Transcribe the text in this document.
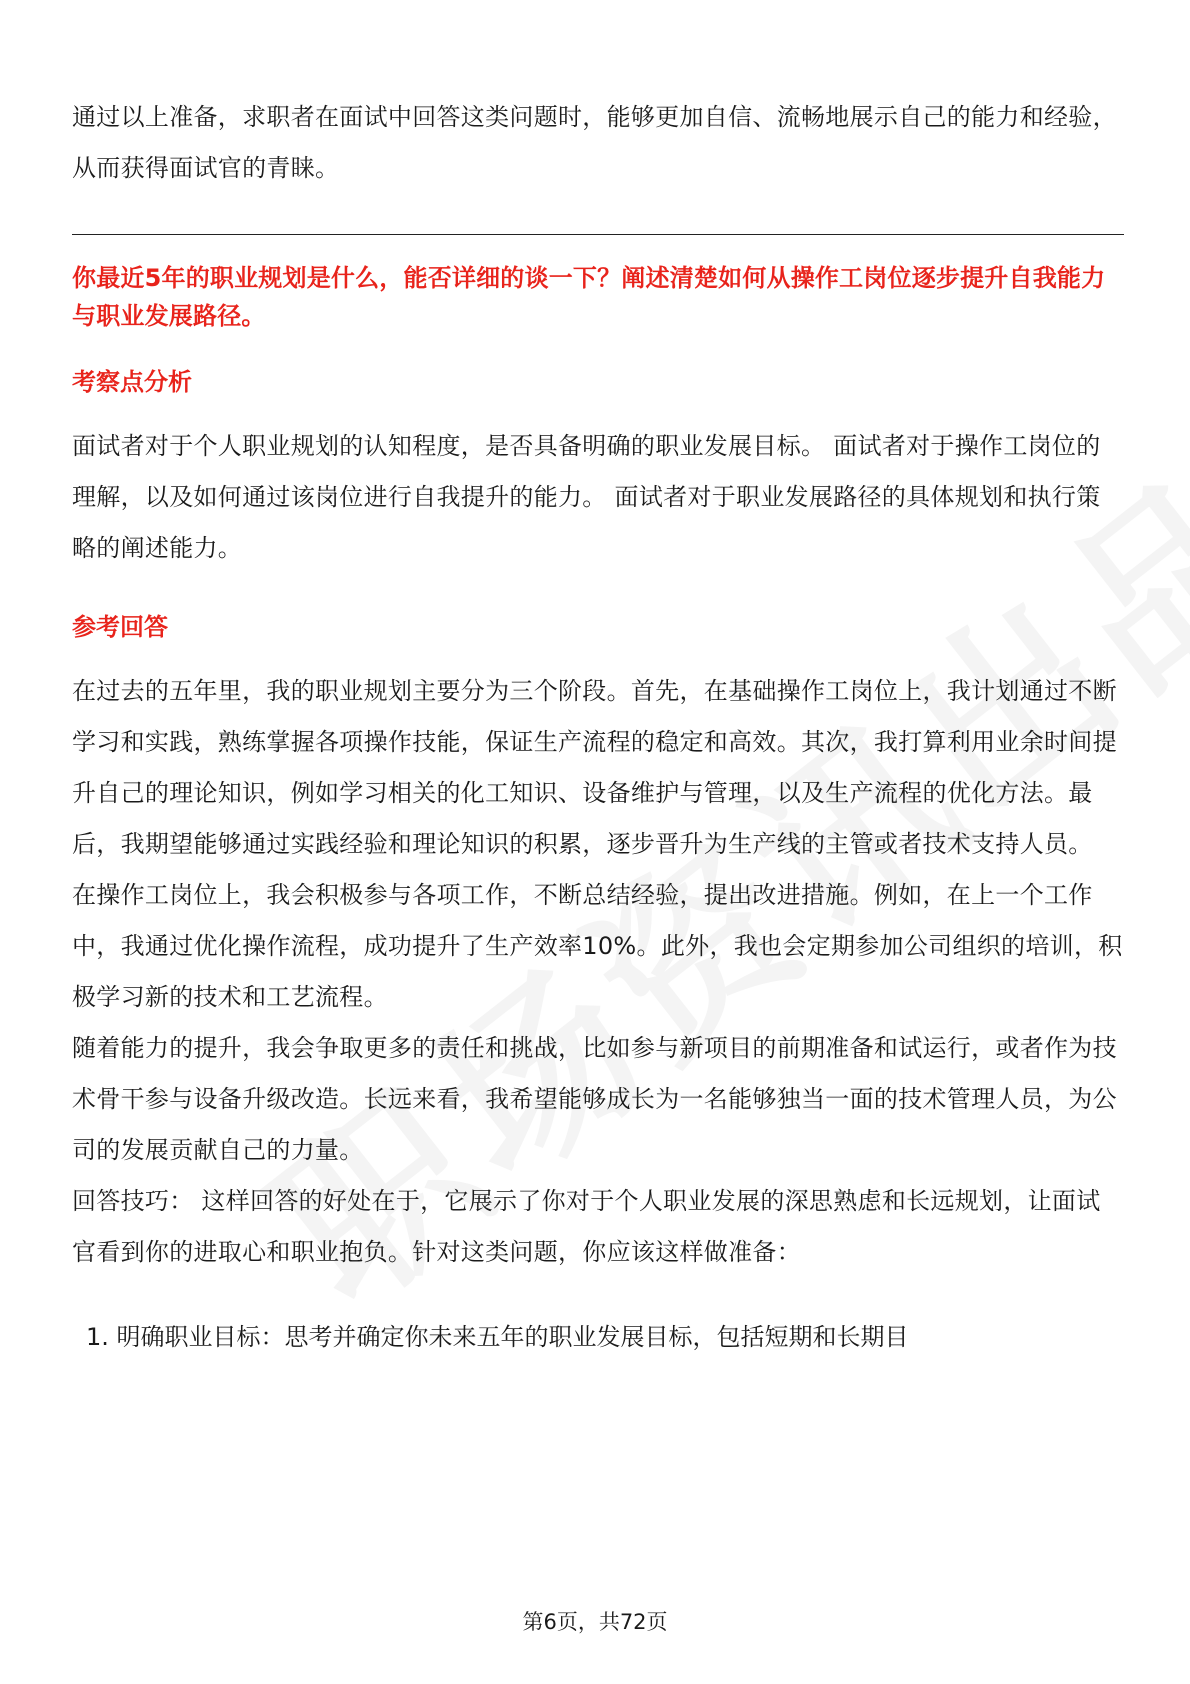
通过以上准备，求职者在面试中回答这类问题时，能够更加自信、流畅地展示自己的能力和经验，从而获得面试官的青睐。

你最近5年的职业规划是什么，能否详细的谈一下？阐述清楚如何从操作工岗位逐步提升自我能力与职业发展路径。

考察点分析

面试者对于个人职业规划的认知程度，是否具备明确的职业发展目标。 面试者对于操作工岗位的理解，以及如何通过该岗位进行自我提升的能力。 面试者对于职业发展路径的具体规划和执行策略的阐述能力。

参考回答

在过去的五年里，我的职业规划主要分为三个阶段。首先，在基础操作工岗位上，我计划通过不断学习和实践，熟练掌握各项操作技能，保证生产流程的稳定和高效。其次，我打算利用业余时间提升自己的理论知识，例如学习相关的化工知识、设备维护与管理，以及生产流程的优化方法。最后，我期望能够通过实践经验和理论知识的积累，逐步晋升为生产线的主管或者技术支持人员。

在操作工岗位上，我会积极参与各项工作，不断总结经验，提出改进措施。例如，在上一个工作中，我通过优化操作流程，成功提升了生产效率10%。此外，我也会定期参加公司组织的培训，积极学习新的技术和工艺流程。

随着能力的提升，我会争取更多的责任和挑战，比如参与新项目的前期准备和试运行，或者作为技术骨干参与设备升级改造。长远来看，我希望能够成长为一名能够独当一面的技术管理人员，为公司的发展贡献自己的力量。

回答技巧： 这样回答的好处在于，它展示了你对于个人职业发展的深思熟虑和长远规划，让面试官看到你的进取心和职业抱负。针对这类问题，你应该这样做准备：

1. 明确职业目标：思考并确定你未来五年的职业发展目标，包括短期和长期目
第6页，共72页
